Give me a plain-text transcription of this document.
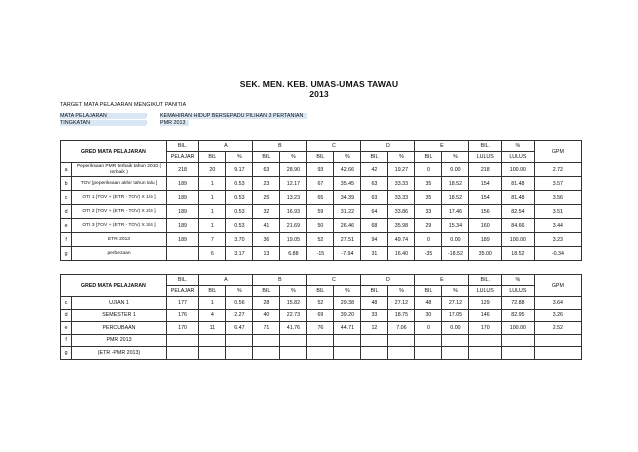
SEK. MEN. KEB. UMAS-UMAS TAWAU
2013
TARGET MATA PELAJARAN MENGIKUT PANITIA
MATA PELAJARAN	: KEMAHIRAN HIDUP BERSEPADU PILIHAN 3 PERTANIAN
TINGKATAN	: PMR 2013
GRED MATA PELAJARAN		BIL.	A		B		C		D		E		BIL.	%	GPM
		PELAJAR	BIL	%	BIL	%	BIL	%	BIL	%	BIL	%	LULUS	LULUS	
a	Peperiksaan PMR terbaik tahun 2010 ( terbaik )	218	20	9.17	63	28.90	93	42.66	42	19.27	0	0.00	218	100.00	2.72
b	TOV [peperiksaan akhir tahun lalu ]	189	1	0.53	23	12.17	67	35.45	63	33.33	35	18.52	154	81.48	3.57
c	OTI 1 [TOV + (ETR - TOV) X 1/4 ]	189	1	0.53	25	13.23	65	34.39	63	33.33	35	18.52	154	81.48	3.56
d	OTI 2 [TOV + (ETR - TOV) X 2/4 ]	189	1	0.53	32	16.93	59	31.22	64	33.86	33	17.46	156	82.54	3.51
e	OTI 3 [TOV + (ETR - TOV) X 3/4 ]	189	1	0.53	41	21.69	50	26.46	68	35.98	29	15.34	160	84.66	3.44
f	ETR 2013	189	7	3.70	36	19.05	52	27.51	94	49.74	0	0.00	189	100.00	3.23
g	perbezaan		6	3.17	13	6.88	-15	-7.94	31	16.40	-35	-18.52	35.00	18.52	-0.34
GRED MATA PELAJARAN		BIL.	A		B		C		D		E		BIL.	%	GPM
		PELAJAR	BIL	%	BIL	%	BIL	%	BIL	%	BIL	%	LULUS	LULUS	
c	UJIAN 1	177	1	0.56	28	15.82	52	29.38	48	27.12	48	27.12	129	72.88	3.64
d	SEMESTER 1	176	4	2.27	40	22.73	69	39.20	33	18.75	30	17.05	146	82.95	3.26
e	PERCUBAAN	170	11	6.47	71	41.76	76	44.71	12	7.06	0	0.00	170	100.00	2.52
f	PMR 2013														
g	(ETR -PMR 2013)														
